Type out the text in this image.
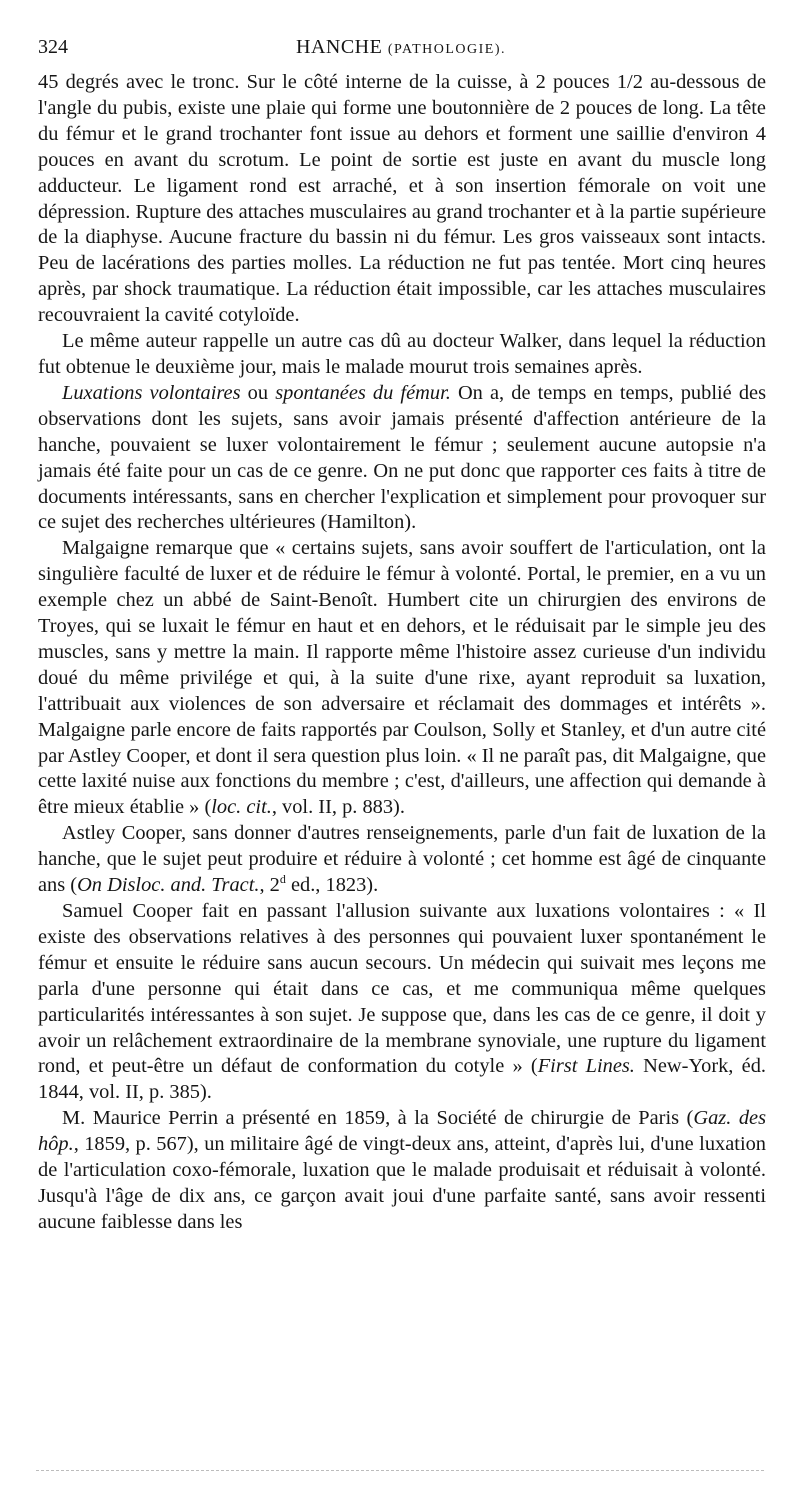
324	HANCHE (PATHOLOGIE).

45 degrés avec le tronc. Sur le côté interne de la cuisse, à 2 pouces 1/2 au-dessous de l'angle du pubis, existe une plaie qui forme une boutonnière de 2 pouces de long. La tête du fémur et le grand trochanter font issue au dehors et forment une saillie d'environ 4 pouces en avant du scrotum. Le point de sortie est juste en avant du muscle long adducteur. Le ligament rond est arraché, et à son insertion fémorale on voit une dépression. Rupture des attaches musculaires au grand trochanter et à la partie supérieure de la diaphyse. Aucune fracture du bassin ni du fémur. Les gros vaisseaux sont intacts. Peu de lacérations des parties molles. La réduction ne fut pas tentée. Mort cinq heures après, par shock traumatique. La réduction était impossible, car les attaches musculaires recouvraient la cavité cotyloïde.

Le même auteur rappelle un autre cas dû au docteur Walker, dans lequel la réduction fut obtenue le deuxième jour, mais le malade mourut trois semaines après.

Luxations volontaires ou spontanées du fémur. On a, de temps en temps, publié des observations dont les sujets, sans avoir jamais présenté d'affection antérieure de la hanche, pouvaient se luxer volontairement le fémur ; seulement aucune autopsie n'a jamais été faite pour un cas de ce genre. On ne put donc que rapporter ces faits à titre de documents intéressants, sans en chercher l'explication et simplement pour provoquer sur ce sujet des recherches ultérieures (Hamilton).

Malgaigne remarque que « certains sujets, sans avoir souffert de l'articulation, ont la singulière faculté de luxer et de réduire le fémur à volonté. Portal, le premier, en a vu un exemple chez un abbé de Saint-Benoît. Humbert cite un chirurgien des environs de Troyes, qui se luxait le fémur en haut et en dehors, et le réduisait par le simple jeu des muscles, sans y mettre la main. Il rapporte même l'histoire assez curieuse d'un individu doué du même privilége et qui, à la suite d'une rixe, ayant reproduit sa luxation, l'attribuait aux violences de son adversaire et réclamait des dommages et intérêts ». Malgaigne parle encore de faits rapportés par Coulson, Solly et Stanley, et d'un autre cité par Astley Cooper, et dont il sera question plus loin. « Il ne paraît pas, dit Malgaigne, que cette laxité nuise aux fonctions du membre ; c'est, d'ailleurs, une affection qui demande à être mieux établie » (loc. cit., vol. II, p. 883).

Astley Cooper, sans donner d'autres renseignements, parle d'un fait de luxation de la hanche, que le sujet peut produire et réduire à volonté ; cet homme est âgé de cinquante ans (On Disloc. and. Tract., 2$^d$ ed., 1823).

Samuel Cooper fait en passant l'allusion suivante aux luxations volontaires : « Il existe des observations relatives à des personnes qui pouvaient luxer spontanément le fémur et ensuite le réduire sans aucun secours. Un médecin qui suivait mes leçons me parla d'une personne qui était dans ce cas, et me communiqua même quelques particularités intéressantes à son sujet. Je suppose que, dans les cas de ce genre, il doit y avoir un relâchement extraordinaire de la membrane synoviale, une rupture du ligament rond, et peut-être un défaut de conformation du cotyle » (First Lines. New-York, éd. 1844, vol. II, p. 385).

M. Maurice Perrin a présenté en 1859, à la Société de chirurgie de Paris (Gaz. des hôp., 1859, p. 567), un militaire âgé de vingt-deux ans, atteint, d'après lui, d'une luxation de l'articulation coxo-fémorale, luxation que le malade produisait et réduisait à volonté. Jusqu'à l'âge de dix ans, ce garçon avait joui d'une parfaite santé, sans avoir ressenti aucune faiblesse dans les
